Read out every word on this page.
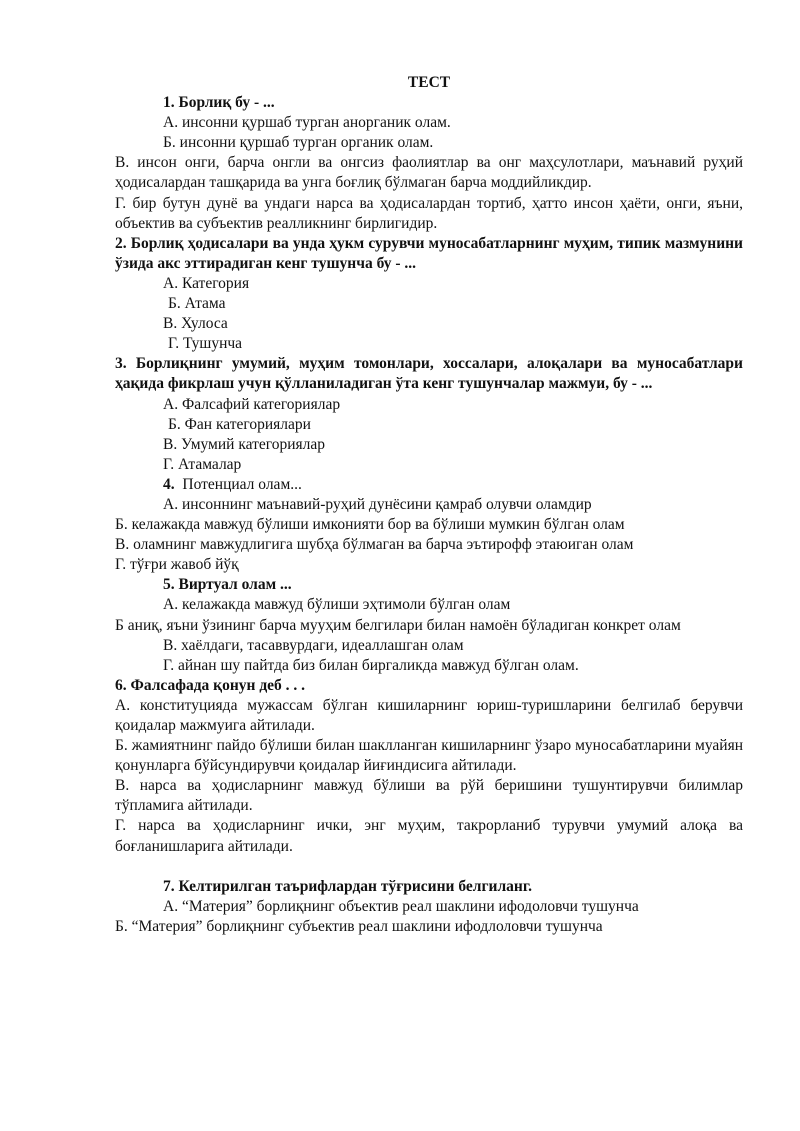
ТЕСТ

1. Борлиқ бу - ...

А. инсонни қуршаб турган анорганик олам.

Б. инсонни қуршаб турган органик олам.

В. инсон онги, барча онгли ва онгсиз фаолиятлар ва онг маҳсулотлари, маънавий руҳий ҳодисалардан ташқарида ва унга боғлиқ бўлмаган барча моддийликдир.

Г. бир бутун дунё ва ундаги нарса ва ҳодисалардан тортиб, ҳатто инсон ҳаёти, онги, яъни, объектив ва субъектив реалликнинг бирлигидир.

2. Борлиқ ҳодисалари ва унда ҳукм сурувчи муносабатларнинг муҳим, типик мазмунини ўзида акс эттирадиган кенг тушунча бу - ...

А. Категория

Б. Атама

В. Хулоса

Г. Тушунча

3. Борлиқнинг умумий, муҳим томонлари, хоссалари, алоқалари ва муносабатлари ҳақида фикрлаш учун қўлланиладиган ўта кенг тушунчалар мажмуи, бу - ...

А. Фалсафий категориялар

Б. Фан категориялари

В. Умумий категориялар

Г. Атамалар

4. Потенциал олам...

А. инсоннинг маънавий-руҳий дунёсини қамраб олувчи оламдир

Б. келажакда мавжуд бўлиши имконияти бор ва бўлиши мумкин бўлган олам

В. оламнинг мавжудлигига шубҳа бўлмаган ва барча эътирофф этаюиган олам

Г. тўғри жавоб йўқ

5. Виртуал олам ...

А. келажакда мавжуд бўлиши эҳтимоли бўлган олам

Б аниқ, яъни ўзининг барча мууҳим белгилари билан намоён бўладиган конкрет олам

В. хаёлдаги, тасаввурдаги, идеаллашган олам

Г. айнан шу пайтда биз билан биргаликда мавжуд бўлган олам.

6. Фалсафада қонун деб . . .

А. конституцияда мужассам бўлган кишиларнинг юриш-туришларини белгилаб берувчи қоидалар мажмуига айтилади.

Б. жамиятнинг пайдо бўлиши билан шаклланган кишиларнинг ўзаро муносабатларини муайян қонунларга бўйсундирувчи қоидалар йиғиндисига айтилади.

В. нарса ва ҳодисларнинг мавжуд бўлиши ва рўй беришини тушунтирувчи билимлар тўпламига айтилади.

Г. нарса ва ҳодисларнинг ички, энг муҳим, такрорланиб турувчи умумий алоқа ва боғланишларига айтилади.

7. Келтирилган таърифлардан тўғрисини белгиланг.

А. “Материя” борлиқнинг объектив реал шаклини ифодоловчи тушунча

Б. “Материя” борлиқнинг субъектив реал шаклини ифодлоловчи тушунча
